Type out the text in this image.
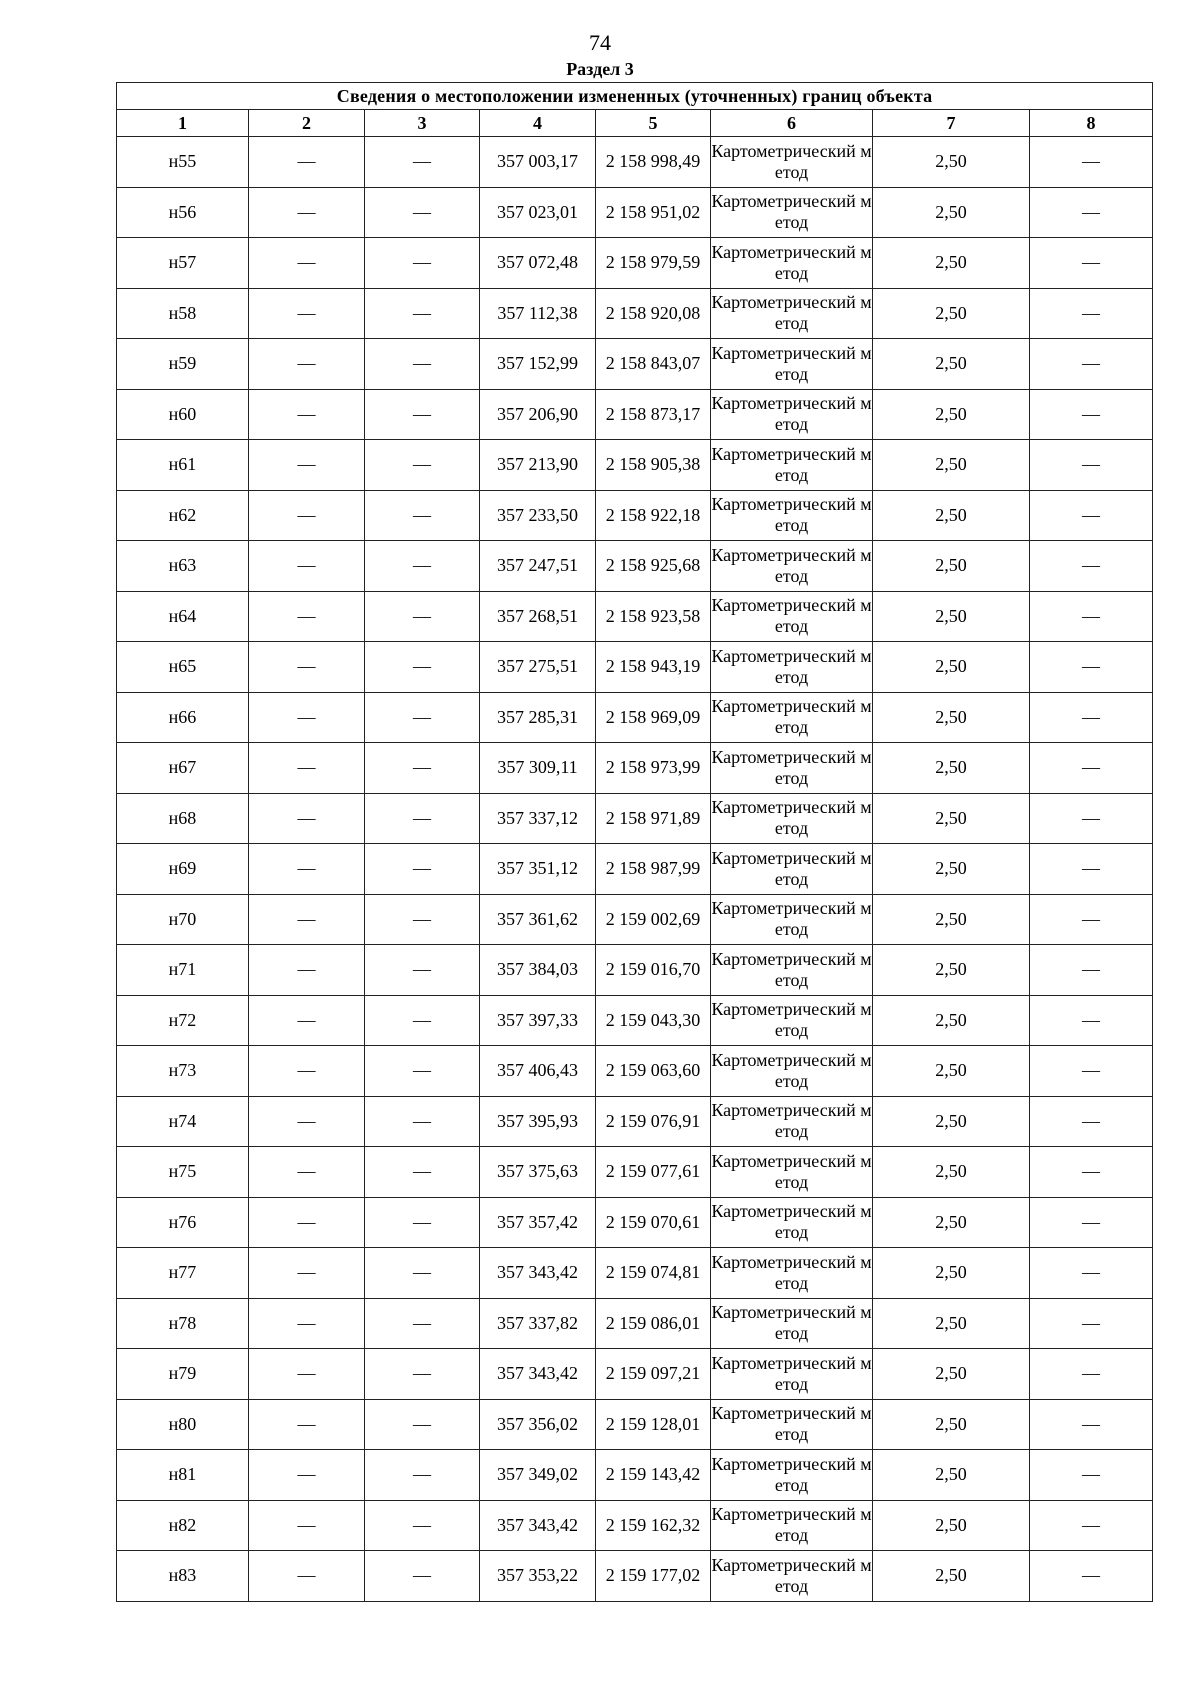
74
Раздел 3
Сведения о местоположении измененных (уточненных) границ объекта							
1	2	3	4	5	6	7	8
н55	—	—	357 003,17	2 158 998,49	Картометрический метод	2,50	—
н56	—	—	357 023,01	2 158 951,02	Картометрический метод	2,50	—
н57	—	—	357 072,48	2 158 979,59	Картометрический метод	2,50	—
н58	—	—	357 112,38	2 158 920,08	Картометрический метод	2,50	—
н59	—	—	357 152,99	2 158 843,07	Картометрический метод	2,50	—
н60	—	—	357 206,90	2 158 873,17	Картометрический метод	2,50	—
н61	—	—	357 213,90	2 158 905,38	Картометрический метод	2,50	—
н62	—	—	357 233,50	2 158 922,18	Картометрический метод	2,50	—
н63	—	—	357 247,51	2 158 925,68	Картометрический метод	2,50	—
н64	—	—	357 268,51	2 158 923,58	Картометрический метод	2,50	—
н65	—	—	357 275,51	2 158 943,19	Картометрический метод	2,50	—
н66	—	—	357 285,31	2 158 969,09	Картометрический метод	2,50	—
н67	—	—	357 309,11	2 158 973,99	Картометрический метод	2,50	—
н68	—	—	357 337,12	2 158 971,89	Картометрический метод	2,50	—
н69	—	—	357 351,12	2 158 987,99	Картометрический метод	2,50	—
н70	—	—	357 361,62	2 159 002,69	Картометрический метод	2,50	—
н71	—	—	357 384,03	2 159 016,70	Картометрический метод	2,50	—
н72	—	—	357 397,33	2 159 043,30	Картометрический метод	2,50	—
н73	—	—	357 406,43	2 159 063,60	Картометрический метод	2,50	—
н74	—	—	357 395,93	2 159 076,91	Картометрический метод	2,50	—
н75	—	—	357 375,63	2 159 077,61	Картометрический метод	2,50	—
н76	—	—	357 357,42	2 159 070,61	Картометрический метод	2,50	—
н77	—	—	357 343,42	2 159 074,81	Картометрический метод	2,50	—
н78	—	—	357 337,82	2 159 086,01	Картометрический метод	2,50	—
н79	—	—	357 343,42	2 159 097,21	Картометрический метод	2,50	—
н80	—	—	357 356,02	2 159 128,01	Картометрический метод	2,50	—
н81	—	—	357 349,02	2 159 143,42	Картометрический метод	2,50	—
н82	—	—	357 343,42	2 159 162,32	Картометрический метод	2,50	—
н83	—	—	357 353,22	2 159 177,02	Картометрический метод	2,50	—
